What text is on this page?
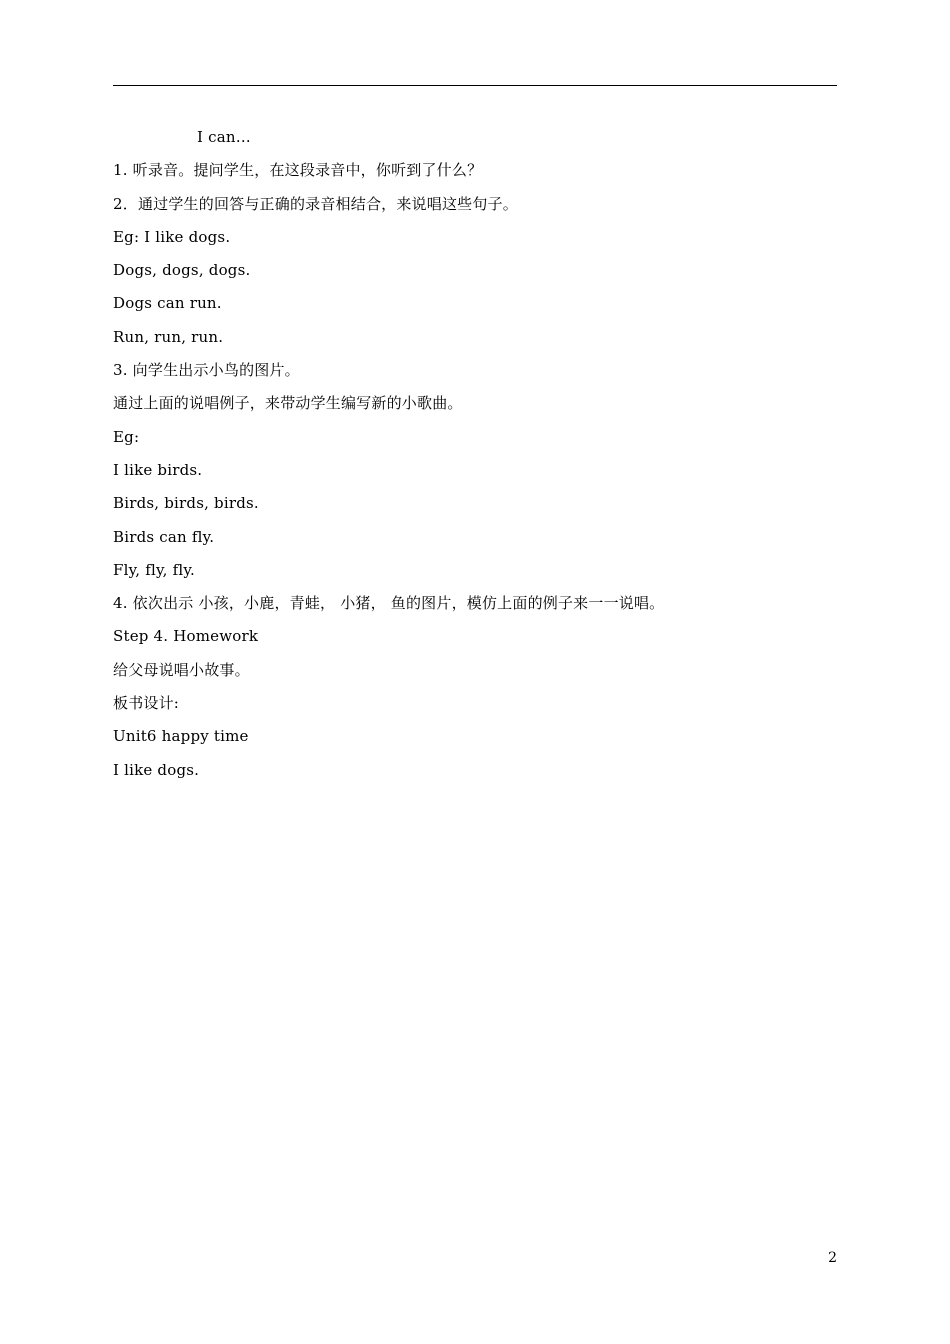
I can…
1. 听录音。提问学生，在这段录音中，你听到了什么？
2．通过学生的回答与正确的录音相结合，来说唱这些句子。
Eg: I like dogs.
Dogs, dogs, dogs.
Dogs can run.
Run, run, run.
3. 向学生出示小鸟的图片。
通过上面的说唱例子，来带动学生编写新的小歌曲。
Eg:
I like birds.
Birds, birds, birds.
Birds can fly.
Fly, fly, fly.
4. 依次出示 小孩，小鹿，青蛙， 小猪， 鱼的图片，模仿上面的例子来一一说唱。
Step 4. Homework
给父母说唱小故事。
板书设计:
Unit6 happy time
I like dogs.
2
